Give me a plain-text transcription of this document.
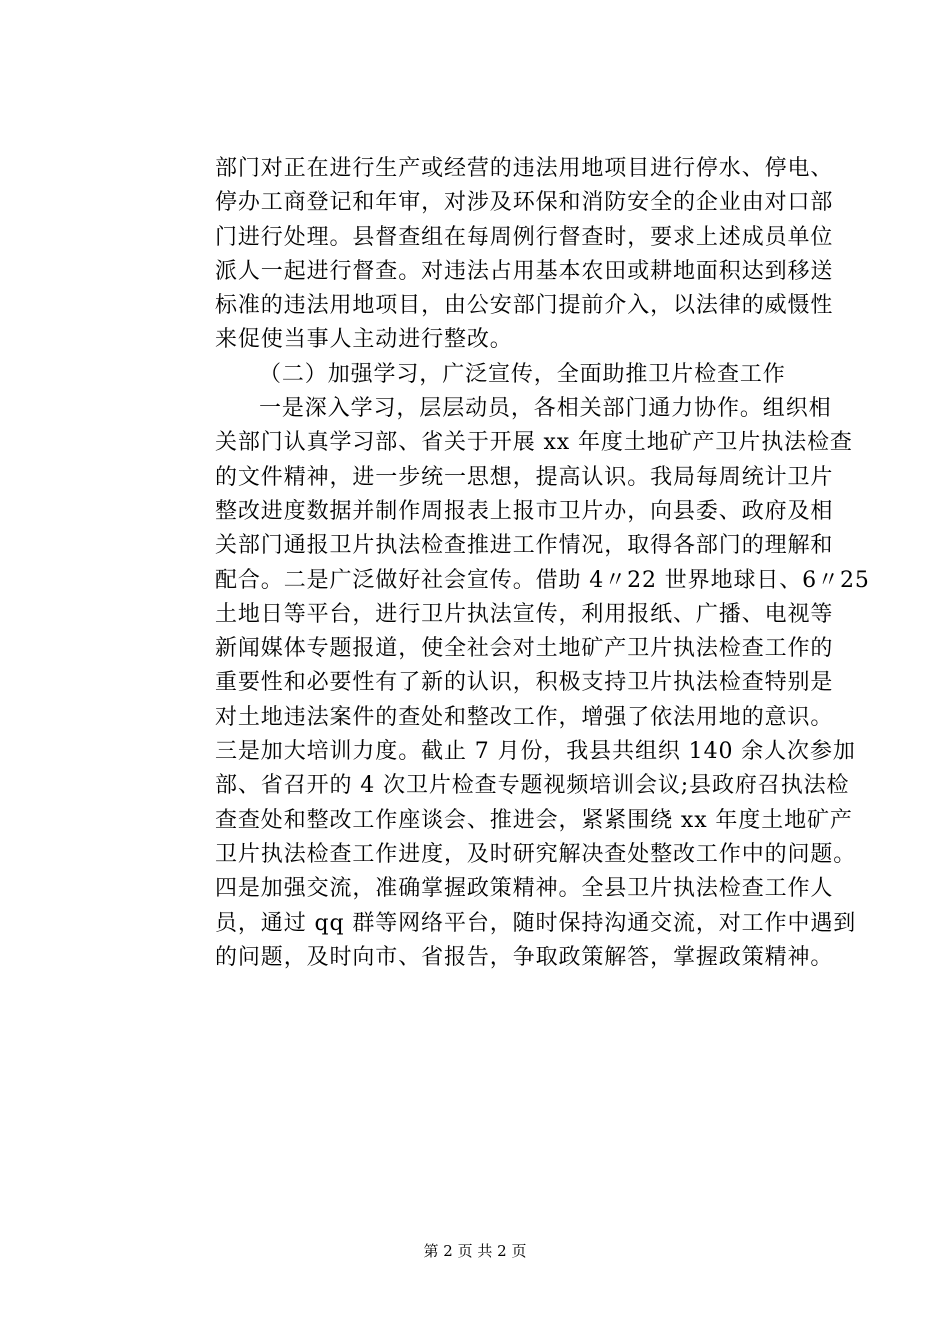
部门对正在进行生产或经营的违法用地项目进行停水、停电、
停办工商登记和年审，对涉及环保和消防安全的企业由对口部
门进行处理。县督查组在每周例行督查时，要求上述成员单位
派人一起进行督查。对违法占用基本农田或耕地面积达到移送
标准的违法用地项目，由公安部门提前介入，以法律的威慑性
来促使当事人主动进行整改。
（二）加强学习，广泛宣传，全面助推卫片检查工作
一是深入学习，层层动员，各相关部门通力协作。组织相
关部门认真学习部、省关于开展 xx 年度土地矿产卫片执法检查
的文件精神，进一步统一思想，提高认识。我局每周统计卫片
整改进度数据并制作周报表上报市卫片办，向县委、政府及相
关部门通报卫片执法检查推进工作情况，取得各部门的理解和
配合。二是广泛做好社会宣传。借助 4〃22 世界地球日、6〃25
土地日等平台，进行卫片执法宣传，利用报纸、广播、电视等
新闻媒体专题报道，使全社会对土地矿产卫片执法检查工作的
重要性和必要性有了新的认识，积极支持卫片执法检查特别是
对土地违法案件的查处和整改工作，增强了依法用地的意识。
三是加大培训力度。截止 7 月份，我县共组织 140 余人次参加
部、省召开的 4 次卫片检查专题视频培训会议;县政府召执法检
查查处和整改工作座谈会、推进会，紧紧围绕 xx 年度土地矿产
卫片执法检查工作进度，及时研究解决查处整改工作中的问题。
四是加强交流，准确掌握政策精神。全县卫片执法检查工作人
员，通过 qq 群等网络平台，随时保持沟通交流，对工作中遇到
的问题，及时向市、省报告，争取政策解答，掌握政策精神。
第 2 页 共 2 页
